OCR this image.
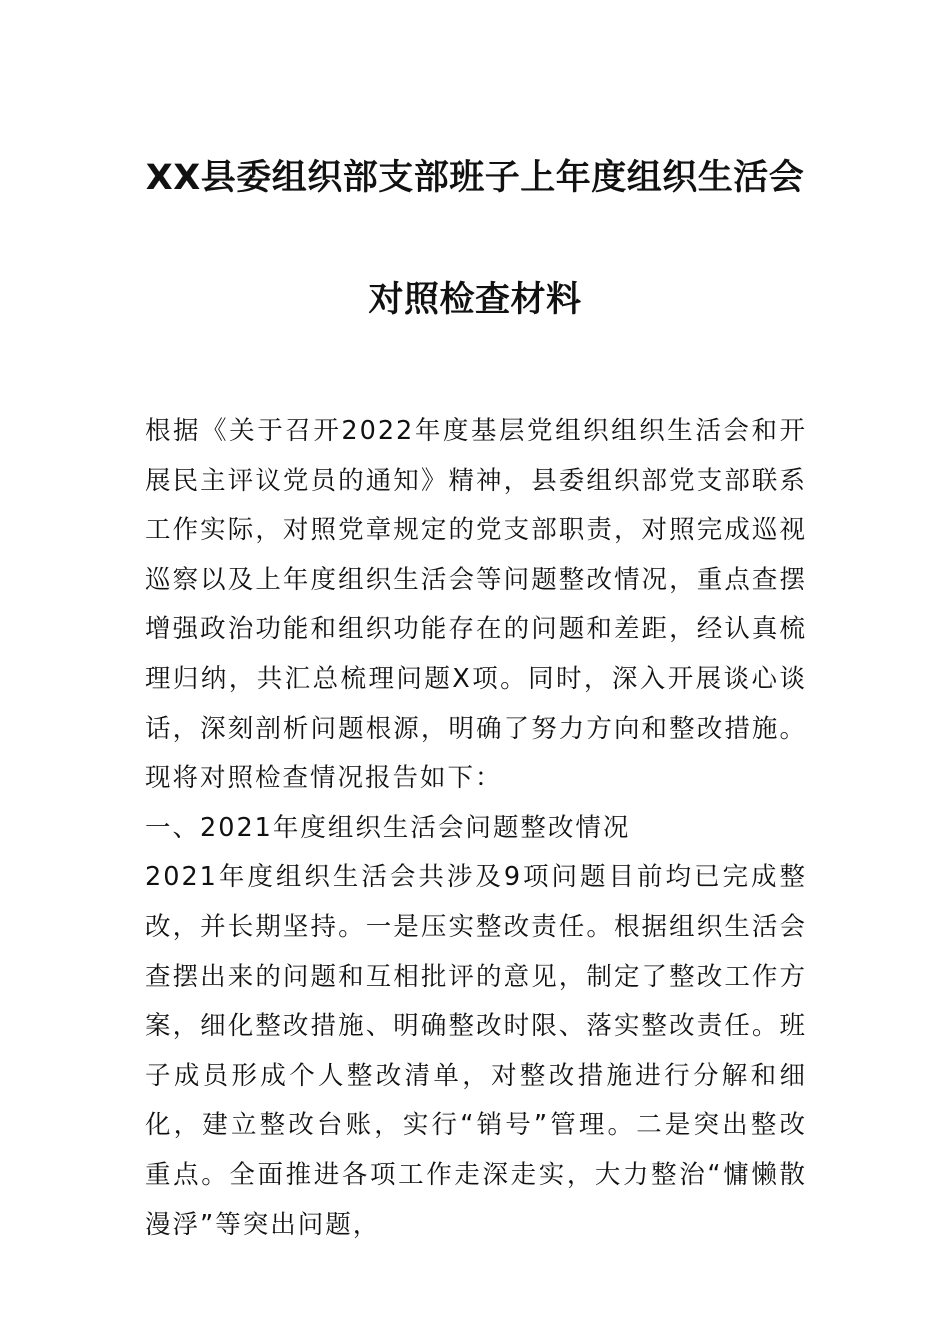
XX县委组织部支部班子上年度组织生活会
对照检查材料

根据《关于召开2022年度基层党组织组织生活会和开展民主评议党员的通知》精神，县委组织部党支部联系工作实际，对照党章规定的党支部职责，对照完成巡视巡察以及上年度组织生活会等问题整改情况，重点查摆增强政治功能和组织功能存在的问题和差距，经认真梳理归纳，共汇总梳理问题X项。同时，深入开展谈心谈话，深刻剖析问题根源，明确了努力方向和整改措施。现将对照检查情况报告如下：

一、2021年度组织生活会问题整改情况

2021年度组织生活会共涉及9项问题目前均已完成整改，并长期坚持。一是压实整改责任。根据组织生活会查摆出来的问题和互相批评的意见，制定了整改工作方案，细化整改措施、明确整改时限、落实整改责任。班子成员形成个人整改清单，对整改措施进行分解和细化，建立整改台账，实行“销号”管理。二是突出整改重点。全面推进各项工作走深走实，大力整治“慵懒散漫浮”等突出问题，
